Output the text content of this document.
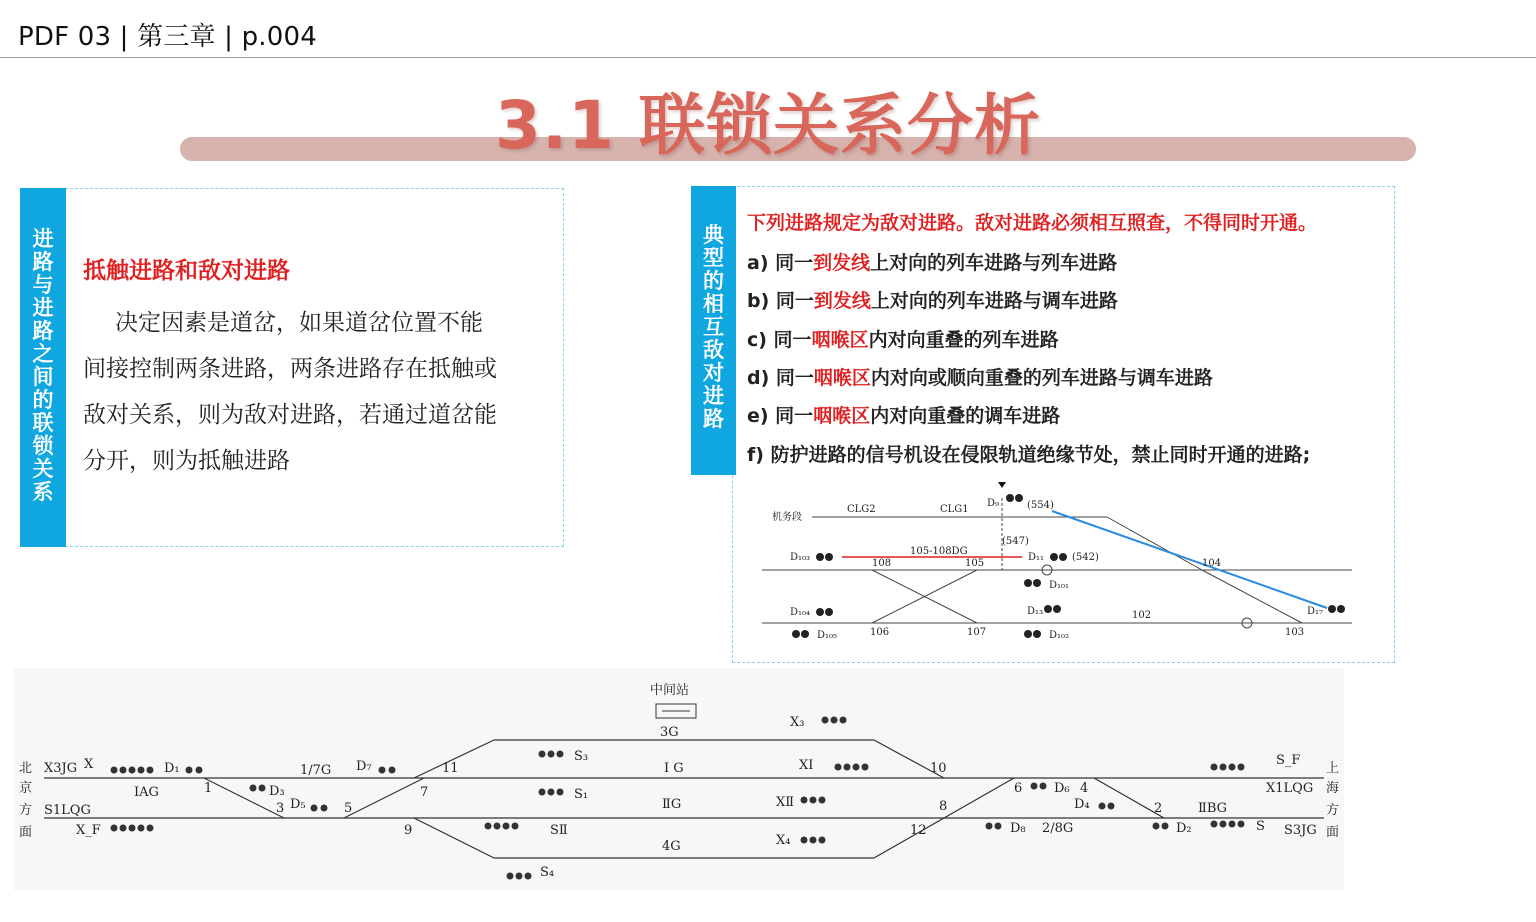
PDF 03 | 第三章 | p.004
3.1 联锁关系分析
进
路
与
进
路
之
间
的
联
锁
关
系
抵触进路和敌对进路
决定因素是道岔，如果道岔位置不能
间接控制两条进路，两条进路存在抵触或
敌对关系，则为敌对进路，若通过道岔能
分开，则为抵触进路
典
型
的
相
互
敌
对
进
路
下列进路规定为敌对进路。敌对进路必须相互照查，不得同时开通。
a) 同一到发线上对向的列车进路与列车进路
b) 同一到发线上对向的列车进路与调车进路
c) 同一咽喉区内对向重叠的列车进路
d) 同一咽喉区内对向或顺向重叠的列车进路与调车进路
e) 同一咽喉区内对向重叠的调车进路
f) 防护进路的信号机设在侵限轨道绝缘节处，禁止同时开通的进路;
机务段
CLG2	CLG1
D₉	(554)
D₁₀₃
105-108DG
(547)
D₁₁	(542)
108	105	104
D₁₀₁
D₁₀₄	D₁₃	102	D₁₇
D₁₀₅	106	107	D₁₀₂	103
北
京
方
面
上
海
方
面
中间站
X3JG X	D₁	1/7G D₇	11
3G
S₃
X₃
I G	XⅠ	10
S_F
X1LQG
IAG	1	D₃
3 D₅	5
7	S₁
ⅡG	XⅡ	8
6 D₆ 4
D₄	2	ⅡBG
S1LQG
X_F	9	SⅡ	12	D₈ 2/8G	D₂	S S3JG
4G	X₄
S₄
